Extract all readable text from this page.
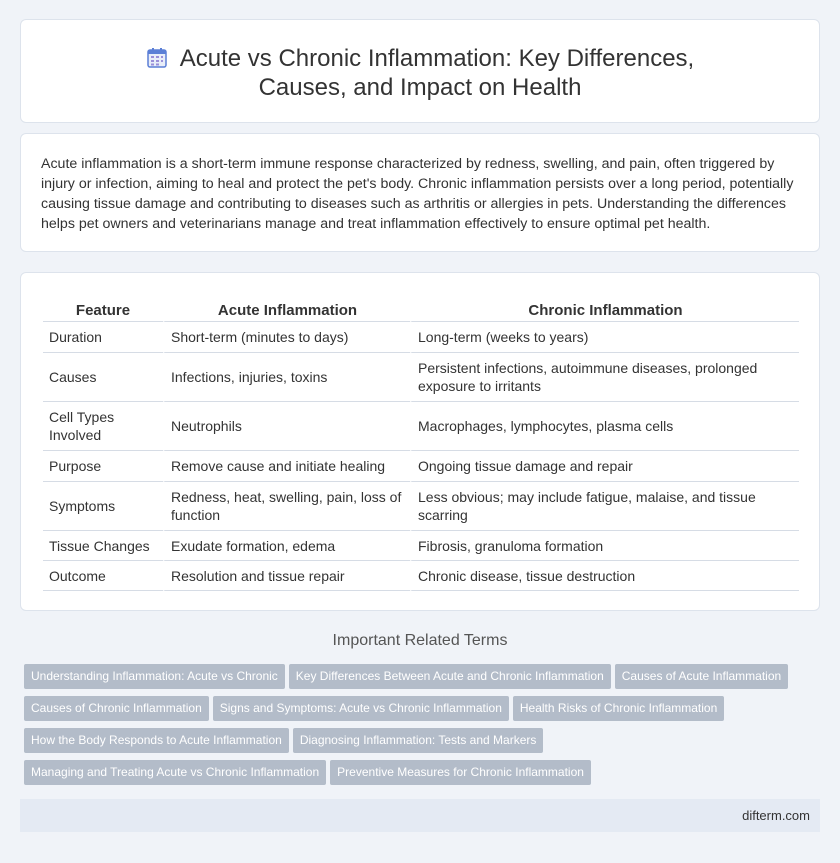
Acute vs Chronic Inflammation: Key Differences, Causes, and Impact on Health

Acute inflammation is a short-term immune response characterized by redness, swelling, and pain, often triggered by injury or infection, aiming to heal and protect the pet's body. Chronic inflammation persists over a long period, potentially causing tissue damage and contributing to diseases such as arthritis or allergies in pets. Understanding the differences helps pet owners and veterinarians manage and treat inflammation effectively to ensure optimal pet health.

Feature	Acute Inflammation	Chronic Inflammation
Duration	Short-term (minutes to days)	Long-term (weeks to years)
Causes	Infections, injuries, toxins	Persistent infections, autoimmune diseases, prolonged exposure to irritants
Cell Types Involved	Neutrophils	Macrophages, lymphocytes, plasma cells
Purpose	Remove cause and initiate healing	Ongoing tissue damage and repair
Symptoms	Redness, heat, swelling, pain, loss of function	Less obvious; may include fatigue, malaise, and tissue scarring
Tissue Changes	Exudate formation, edema	Fibrosis, granuloma formation
Outcome	Resolution and tissue repair	Chronic disease, tissue destruction
Important Related Terms
Understanding Inflammation: Acute vs Chronic Key Differences Between Acute and Chronic Inflammation Causes of Acute Inflammation
Causes of Chronic Inflammation Signs and Symptoms: Acute vs Chronic Inflammation Health Risks of Chronic Inflammation
How the Body Responds to Acute Inflammation Diagnosing Inflammation: Tests and Markers
Managing and Treating Acute vs Chronic Inflammation Preventive Measures for Chronic Inflammation
difterm.com
